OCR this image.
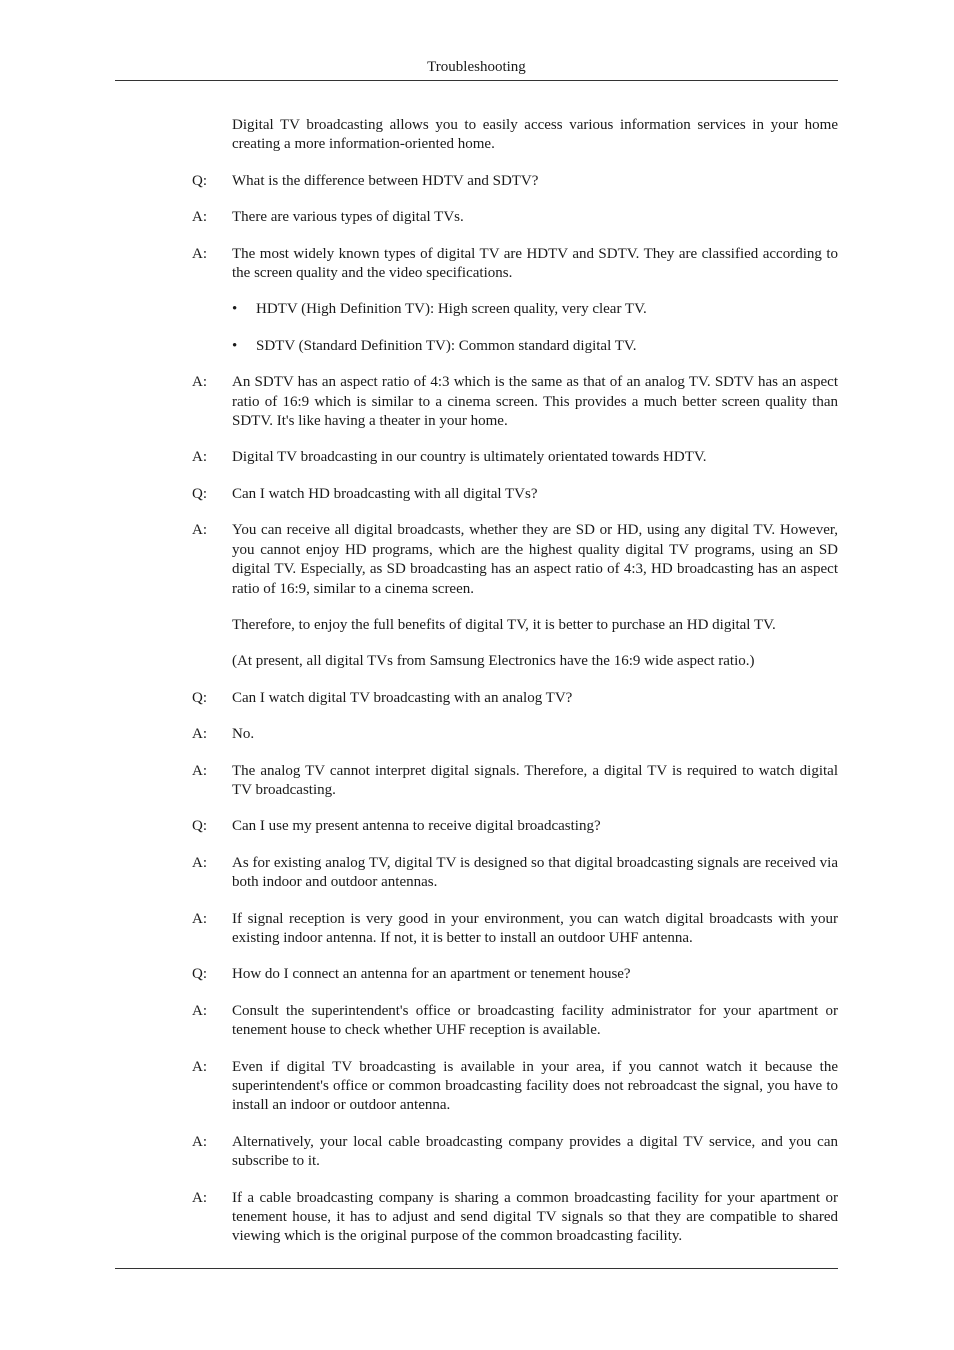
Troubleshooting
Digital TV broadcasting allows you to easily access various information services in your home creating a more information-oriented home.
Q:	What is the difference between HDTV and SDTV?
A:	There are various types of digital TVs.
A:	The most widely known types of digital TV are HDTV and SDTV. They are classified according to the screen quality and the video specifications.
•	HDTV (High Definition TV): High screen quality, very clear TV.
•	SDTV (Standard Definition TV): Common standard digital TV.
A:	An SDTV has an aspect ratio of 4:3 which is the same as that of an analog TV. SDTV has an aspect ratio of 16:9 which is similar to a cinema screen. This provides a much better screen quality than SDTV. It's like having a theater in your home.
A:	Digital TV broadcasting in our country is ultimately orientated towards HDTV.
Q:	Can I watch HD broadcasting with all digital TVs?
A:	You can receive all digital broadcasts, whether they are SD or HD, using any digital TV. However, you cannot enjoy HD programs, which are the highest quality digital TV programs, using an SD digital TV. Especially, as SD broadcasting has an aspect ratio of 4:3, HD broadcasting has an aspect ratio of 16:9, similar to a cinema screen.
Therefore, to enjoy the full benefits of digital TV, it is better to purchase an HD digital TV.
(At present, all digital TVs from Samsung Electronics have the 16:9 wide aspect ratio.)
Q:	Can I watch digital TV broadcasting with an analog TV?
A:	No.
A:	The analog TV cannot interpret digital signals. Therefore, a digital TV is required to watch digital TV broadcasting.
Q:	Can I use my present antenna to receive digital broadcasting?
A:	As for existing analog TV, digital TV is designed so that digital broadcasting signals are received via both indoor and outdoor antennas.
A:	If signal reception is very good in your environment, you can watch digital broadcasts with your existing indoor antenna. If not, it is better to install an outdoor UHF antenna.
Q:	How do I connect an antenna for an apartment or tenement house?
A:	Consult the superintendent's office or broadcasting facility administrator for your apartment or tenement house to check whether UHF reception is available.
A:	Even if digital TV broadcasting is available in your area, if you cannot watch it because the superintendent's office or common broadcasting facility does not rebroadcast the signal, you have to install an indoor or outdoor antenna.
A:	Alternatively, your local cable broadcasting company provides a digital TV service, and you can subscribe to it.
A:	If a cable broadcasting company is sharing a common broadcasting facility for your apartment or tenement house, it has to adjust and send digital TV signals so that they are compatible to shared viewing which is the original purpose of the common broadcasting facility.
